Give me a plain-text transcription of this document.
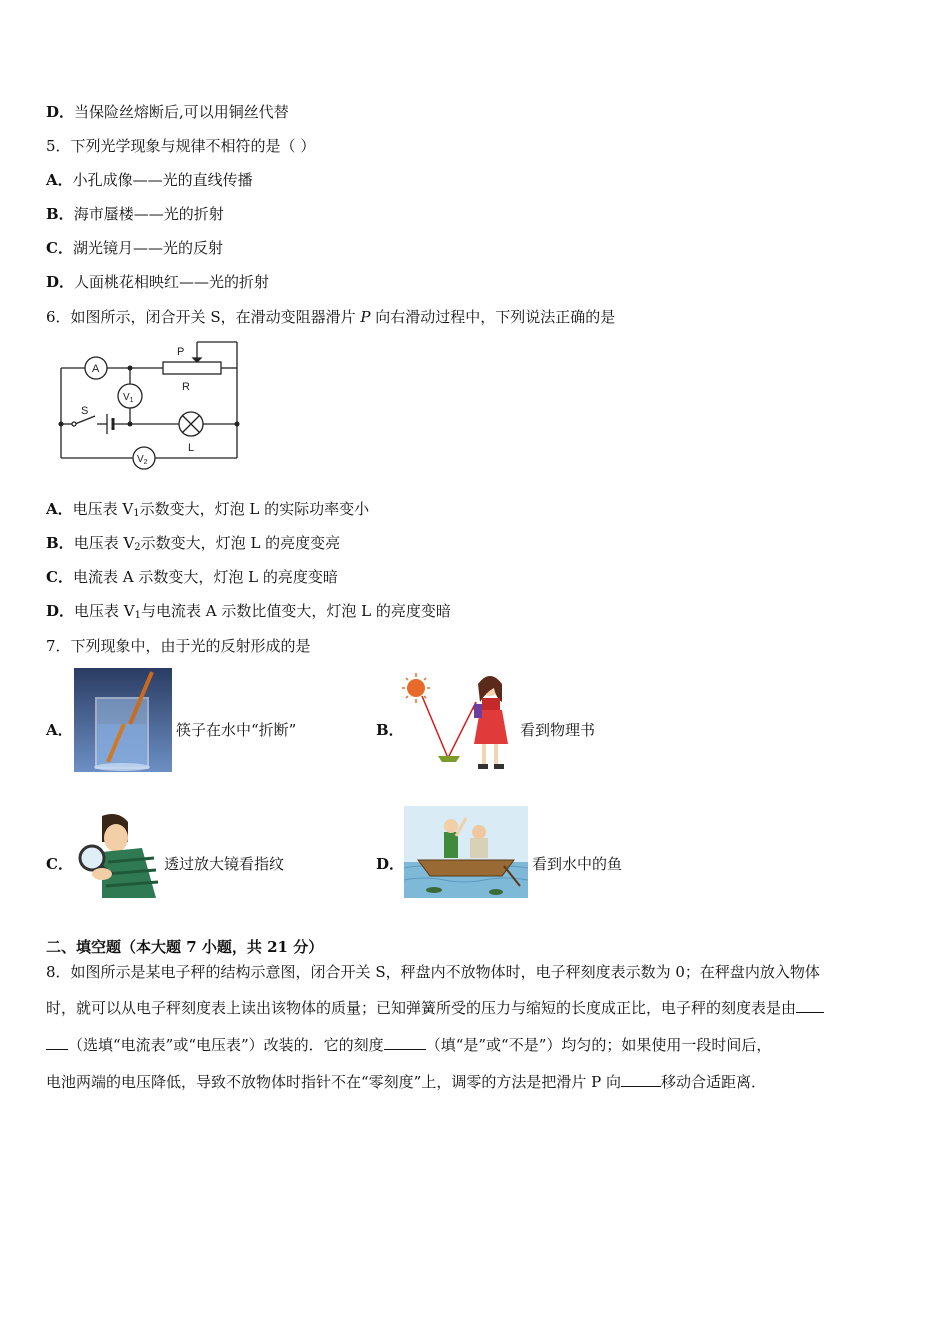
D．当保险丝熔断后,可以用铜丝代替
5．下列光学现象与规律不相符的是（ ）
A．小孔成像——光的直线传播
B．海市蜃楼——光的折射
C．湖光镜月——光的反射
D．人面桃花相映红——光的折射
6．如图所示，闭合开关 S，在滑动变阻器滑片 P 向右滑动过程中，下列说法正确的是
A
$V_1$
$V_2$
S
P
R
L
A．电压表 $V_1$示数变大，灯泡 L 的实际功率变小
B．电压表 $V_2$示数变大，灯泡 L 的亮度变亮
C．电流表 A 示数变大，灯泡 L 的亮度变暗
D．电压表 $V_1$与电流表 A 示数比值变大，灯泡 L 的亮度变暗
7．下列现象中，由于光的反射形成的是
A．	筷子在水中“折断”	B．	看到物理书
C．	透过放大镜看指纹	D．	看到水中的鱼
二、填空题（本大题 7 小题，共 21 分）
8．如图所示是某电子秤的结构示意图，闭合开关 S，秤盘内不放物体时，电子秤刻度表示数为 0；在秤盘内放入物体
时，就可以从电子秤刻度表上读出该物体的质量；已知弹簧所受的压力与缩短的长度成正比，电子秤的刻度表是由
（选填“电流表”或“电压表”）改装的．它的刻度	（填“是”或“不是”）均匀的；如果使用一段时间后，
电池两端的电压降低，导致不放物体时指针不在“零刻度”上，调零的方法是把滑片 P 向	移动合适距离．
